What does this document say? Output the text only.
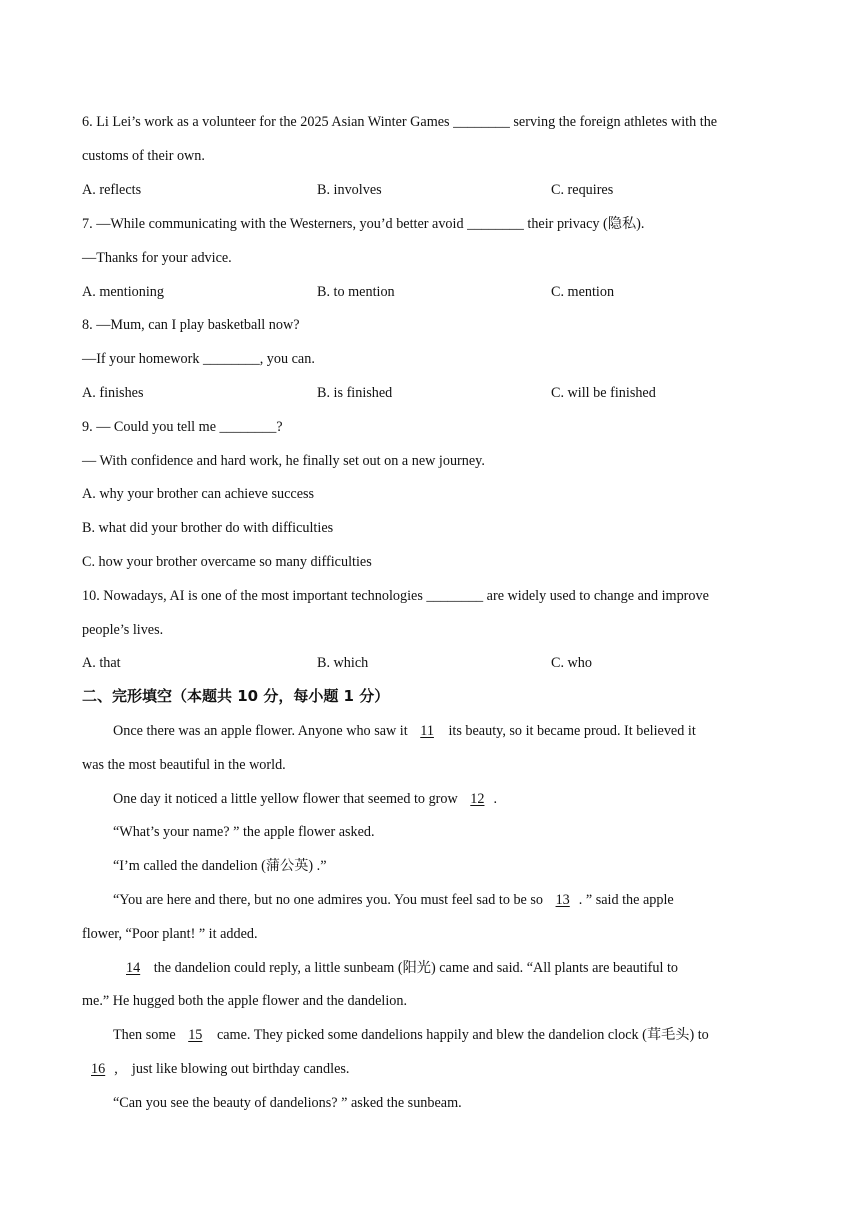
6. Li Lei’s work as a volunteer for the 2025 Asian Winter Games ________ serving the foreign athletes with the
customs of their own.
A. reflects	B. involves	C. requires
7. —While communicating with the Westerners, you’d better avoid ________ their privacy (隐私).
—Thanks for your advice.
A. mentioning	B. to mention	C. mention
8. —Mum, can I play basketball now?
—If your homework ________, you can.
A. finishes	B. is finished	C. will be finished
9. — Could you tell me ________?
— With confidence and hard work, he finally set out on a new journey.
A. why your brother can achieve success
B. what did your brother do with difficulties
C. how your brother overcame so many difficulties
10. Nowadays, AI is one of the most important technologies ________ are widely used to change and improve
people’s lives.
A. that	B. which	C. who
二、完形填空（本题共 10 分，每小题 1 分）
Once there was an apple flower. Anyone who saw it 11 its beauty, so it became proud. It believed it
was the most beautiful in the world.
One day it noticed a little yellow flower that seemed to grow 12 .
“What’s your name? ” the apple flower asked.
“I’m called the dandelion (蒲公英) .”
“You are here and there, but no one admires you. You must feel sad to be so 13 . ” said the apple
flower, “Poor plant! ” it added.
14 the dandelion could reply, a little sunbeam (阳光) came and said. “All plants are beautiful to
me.” He hugged both the apple flower and the dandelion.
Then some 15 came. They picked some dandelions happily and blew the dandelion clock (茸毛头) to
16 ,    just like blowing out birthday candles.
“Can you see the beauty of dandelions? ” asked the sunbeam.
